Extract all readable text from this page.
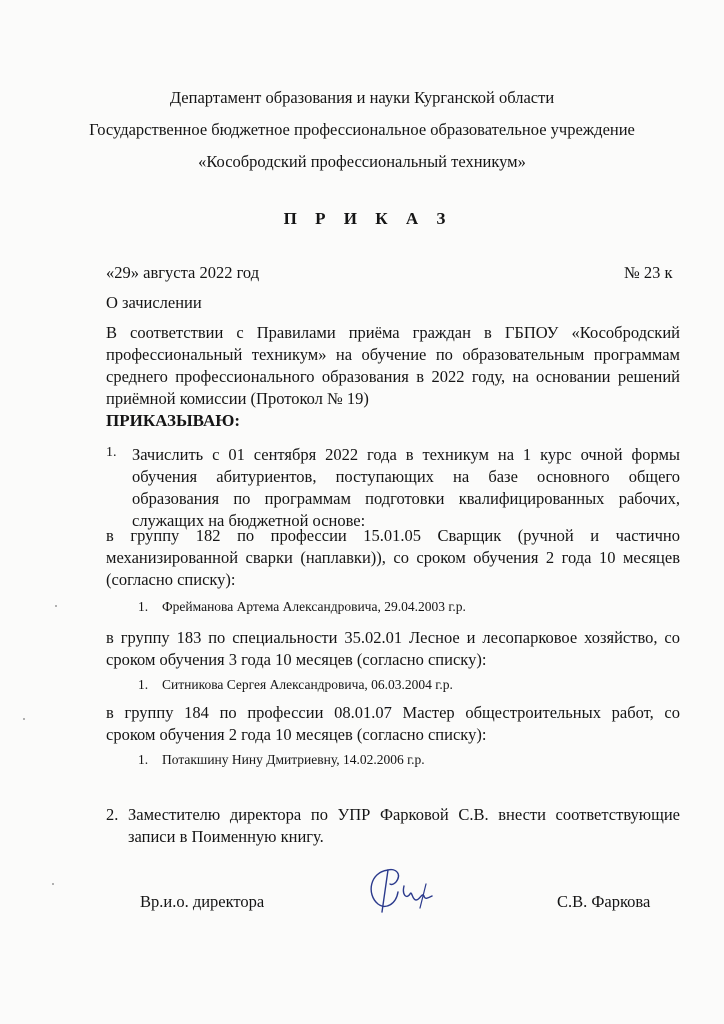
Департамент образования и науки Курганской области
Государственное бюджетное профессиональное образовательное учреждение
«Кособродский профессиональный техникум»
П Р И К А З
«29» августа 2022 год	№ 23 к
О зачислении
В соответствии с Правилами приёма граждан в ГБПОУ «Кособродский
профессиональный техникум» на обучение по образовательным программам
среднего профессионального образования в 2022 году, на основании решений
приёмной комиссии (Протокол № 19)
ПРИКАЗЫВАЮ:
1. Зачислить с 01 сентября 2022 года в техникум на 1 курс очной формы
обучения абитуриентов, поступающих на базе основного общего
образования по программам подготовки квалифицированных рабочих,
служащих на бюджетной основе:
в группу 182 по профессии 15.01.05 Сварщик (ручной и частично
механизированной сварки (наплавки)), со сроком обучения 2 года 10 месяцев
(согласно списку):
1. Фрейманова Артема Александровича, 29.04.2003 г.р.
в группу 183 по специальности 35.02.01 Лесное и лесопарковое хозяйство, со
сроком обучения 3 года 10 месяцев (согласно списку):
1. Ситникова Сергея Александровича, 06.03.2004 г.р.
в группу 184 по профессии 08.01.07 Мастер общестроительных работ, со
сроком обучения 2 года 10 месяцев (согласно списку):
1. Потакшину Нину Дмитриевну, 14.02.2006 г.р.
2. Заместителю директора по УПР Фарковой С.В. внести соответствующие
записи в Поименную книгу.
Вр.и.о. директора	С.В. Фаркова
